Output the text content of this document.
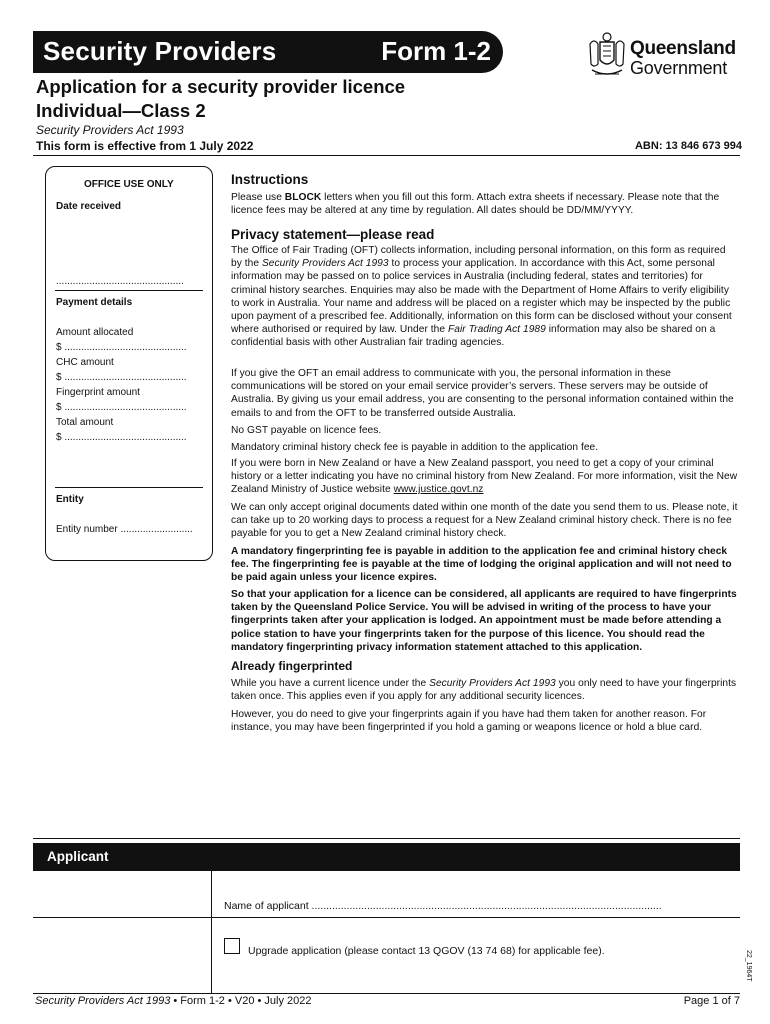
Security Providers	Form 1-2	Queensland
Government
Application for a security provider licence
Individual—Class 2
Security Providers Act 1993
This form is effective from 1 July 2022	ABN: 13 846 673 994
OFFICE USE ONLY
Date received
..............................................
Payment details
Amount allocated
$ ............................................
CHC amount
$ ............................................
Fingerprint amount
$ ............................................
Total amount
$ ............................................
Entity
Entity number ..........................
Instructions
Please use BLOCK letters when you fill out this form. Attach extra sheets if necessary. Please note that the licence fees may be altered at any time by regulation. All dates should be DD/MM/YYYY.
Privacy statement—please read
The Office of Fair Trading (OFT) collects information, including personal information, on this form as required by the Security Providers Act 1993 to process your application. In accordance with this Act, some personal information may be passed on to police services in Australia (including federal, states and territories) for criminal history searches. Enquiries may also be made with the Department of Home Affairs to verify eligibility to work in Australia. Your name and address will be placed on a register which may be inspected by the public upon payment of a prescribed fee. Additionally, information on this form can be disclosed without your consent where authorised or required by law. Under the Fair Trading Act 1989 information may also be shared on a confidential basis with other Australian fair trading agencies.
If you give the OFT an email address to communicate with you, the personal information in these communications will be stored on your email service provider’s servers. These servers may be outside of Australia. By giving us your email address, you are consenting to the personal information contained within the emails to and from the OFT to be transferred outside Australia.
No GST payable on licence fees.
Mandatory criminal history check fee is payable in addition to the application fee.
If you were born in New Zealand or have a New Zealand passport, you need to get a copy of your criminal history or a letter indicating you have no criminal history from New Zealand. For more information, visit the New Zealand Ministry of Justice website www.justice.govt.nz
We can only accept original documents dated within one month of the date you send them to us. Please note, it can take up to 20 working days to process a request for a New Zealand criminal history check. There is no fee payable for you to get a New Zealand criminal history check.
A mandatory fingerprinting fee is payable in addition to the application fee and criminal history check fee. The fingerprinting fee is payable at the time of lodging the original application and will not need to be paid again unless your licence expires.
So that your application for a licence can be considered, all applicants are required to have fingerprints taken by the Queensland Police Service. You will be advised in writing of the process to have your fingerprints taken after your application is lodged. An appointment must be made before attending a police station to have your fingerprints taken for the purpose of this licence. You should read the mandatory fingerprinting privacy information statement attached to this application.
Already fingerprinted
While you have a current licence under the Security Providers Act 1993 you only need to have your fingerprints taken once. This applies even if you apply for any additional security licences.
However, you do need to give your fingerprints again if you have had them taken for another reason. For instance, you may have been fingerprinted if you hold a gaming or weapons licence or hold a blue card.
Applicant
Name of applicant ........................................................................................................................
Upgrade application (please contact 13 QGOV (13 74 68) for applicable fee).	22_1964T
Security Providers Act 1993 • Form 1-2 • V20 • July 2022	Page 1 of 7
